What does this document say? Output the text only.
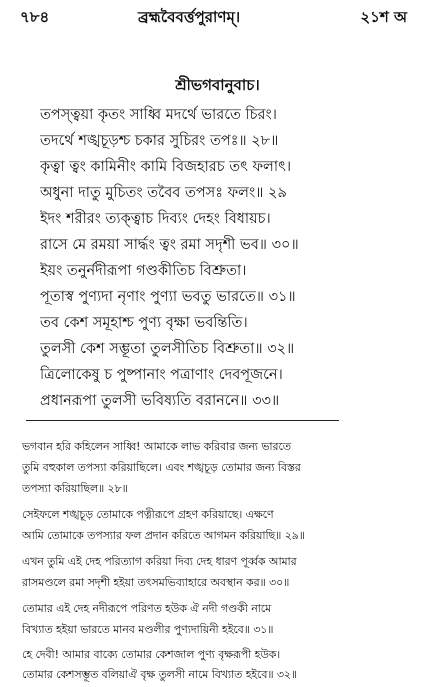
৭৮৪	ব্রহ্মবৈবর্ত্তপুরাণম্।	২১শ অ
শ্রীভগবানুবাচ।
তপস্ত্বয়া কৃতং সাধ্বি মদর্থে ভারতে চিরং।
তদর্থে শঙ্খচূড়শ্চ চকার সুচিরং তপঃ॥ ২৮॥
কৃত্বা ত্বং কামিনীং কামি বিজহারচ তৎ ফলাৎ।
অধুনা দাতু মুচিতং তবৈব তপসঃ ফলং॥ ২৯
ইদং শরীরং ত্যক্ত্বাচ দিব্যং দেহং বিধায়চ।
রাসে মে রময়া সার্দ্ধং ত্বং রমা সদৃশী ভব॥ ৩০॥
ইয়ং তনুর্নদীরূপা গণ্ডকীতিচ বিশ্রুতা।
পূতাস্ব পুণ্যদা নৃণাং পুণ্যা ভবতু ভারতে॥ ৩১॥
তব কেশ সমূহাশ্চ পুণ্য বৃক্ষা ভবন্তিতি।
তুলসী কেশ সম্ভূতা তুলসীতিচ বিশ্রুতা॥ ৩২॥
ত্রিলোকেষু চ পুষ্পানাং পত্রাণাং দেবপূজনে।
প্রধানরূপা তুলসী ভবিষ্যতি বরাননে॥ ৩৩॥
ভগবান হরি কহিলেন সাধ্বি! আমাকে লাভ করিবার জন্য ভারতে
তুমি বহুকাল তপস্যা করিয়াছিলে। এবং শঙ্খচূড় তোমার জন্য বিস্তর
তপস্যা করিয়াছিল॥ ২৮॥
সেইফলে শঙ্খচূড় তোমাকে পত্নীরূপে গ্রহণ করিয়াছে। এক্ষণে
আমি তোমাকে তপস্যার ফল প্রদান করিতে আগমন করিয়াছি॥ ২৯॥
এখন তুমি এই দেহ পরিত্যাগ করিয়া দিব্য দেহ ধারণ পূর্ব্বক আমার
রাসমণ্ডলে রমা সদৃশী হইয়া তৎসমভিব্যাহারে অবস্থান কর॥ ৩০॥
তোমার এই দেহ নদীরূপে পরিণত হউক ঐ নদী গণ্ডকী নামে
বিখ্যাত হইয়া ভারতে মানব মণ্ডলীর পুণ্যদায়িনী হইবে॥ ৩১॥
হে দেবী! আমার বাক্যে তোমার কেশজাল পুণ্য বৃক্ষরূপী হউক।
তোমার কেশসম্ভূত বলিয়াঐ বৃক্ষ তুলসী নামে বিখ্যাত হইবে॥ ৩২॥
